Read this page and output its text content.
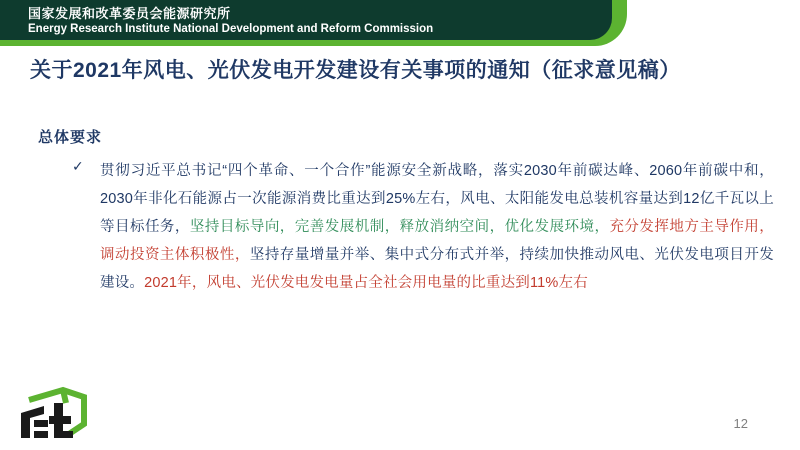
国家发展和改革委员会能源研究所
Energy Research Institute National Development and Reform Commission
关于2021年风电、光伏发电开发建设有关事项的通知（征求意见稿）
总体要求
✓ 贯彻习近平总书记“四个革命、一个合作”能源安全新战略，落实2030年前碳达峰、2060年前碳中和，2030年非化石能源占一次能源消费比重达到25%左右，风电、太阳能发电总装机容量达到12亿千瓦以上等目标任务，坚持目标导向，完善发展机制，释放消纳空间，优化发展环境，充分发挥地方主导作用，调动投资主体积极性，坚持存量增量并举、集中式分布式并举，持续加快推动风电、光伏发电项目开发建设。2021年，风电、光伏发电发电量占全社会用电量的比重达到11%左右
12
